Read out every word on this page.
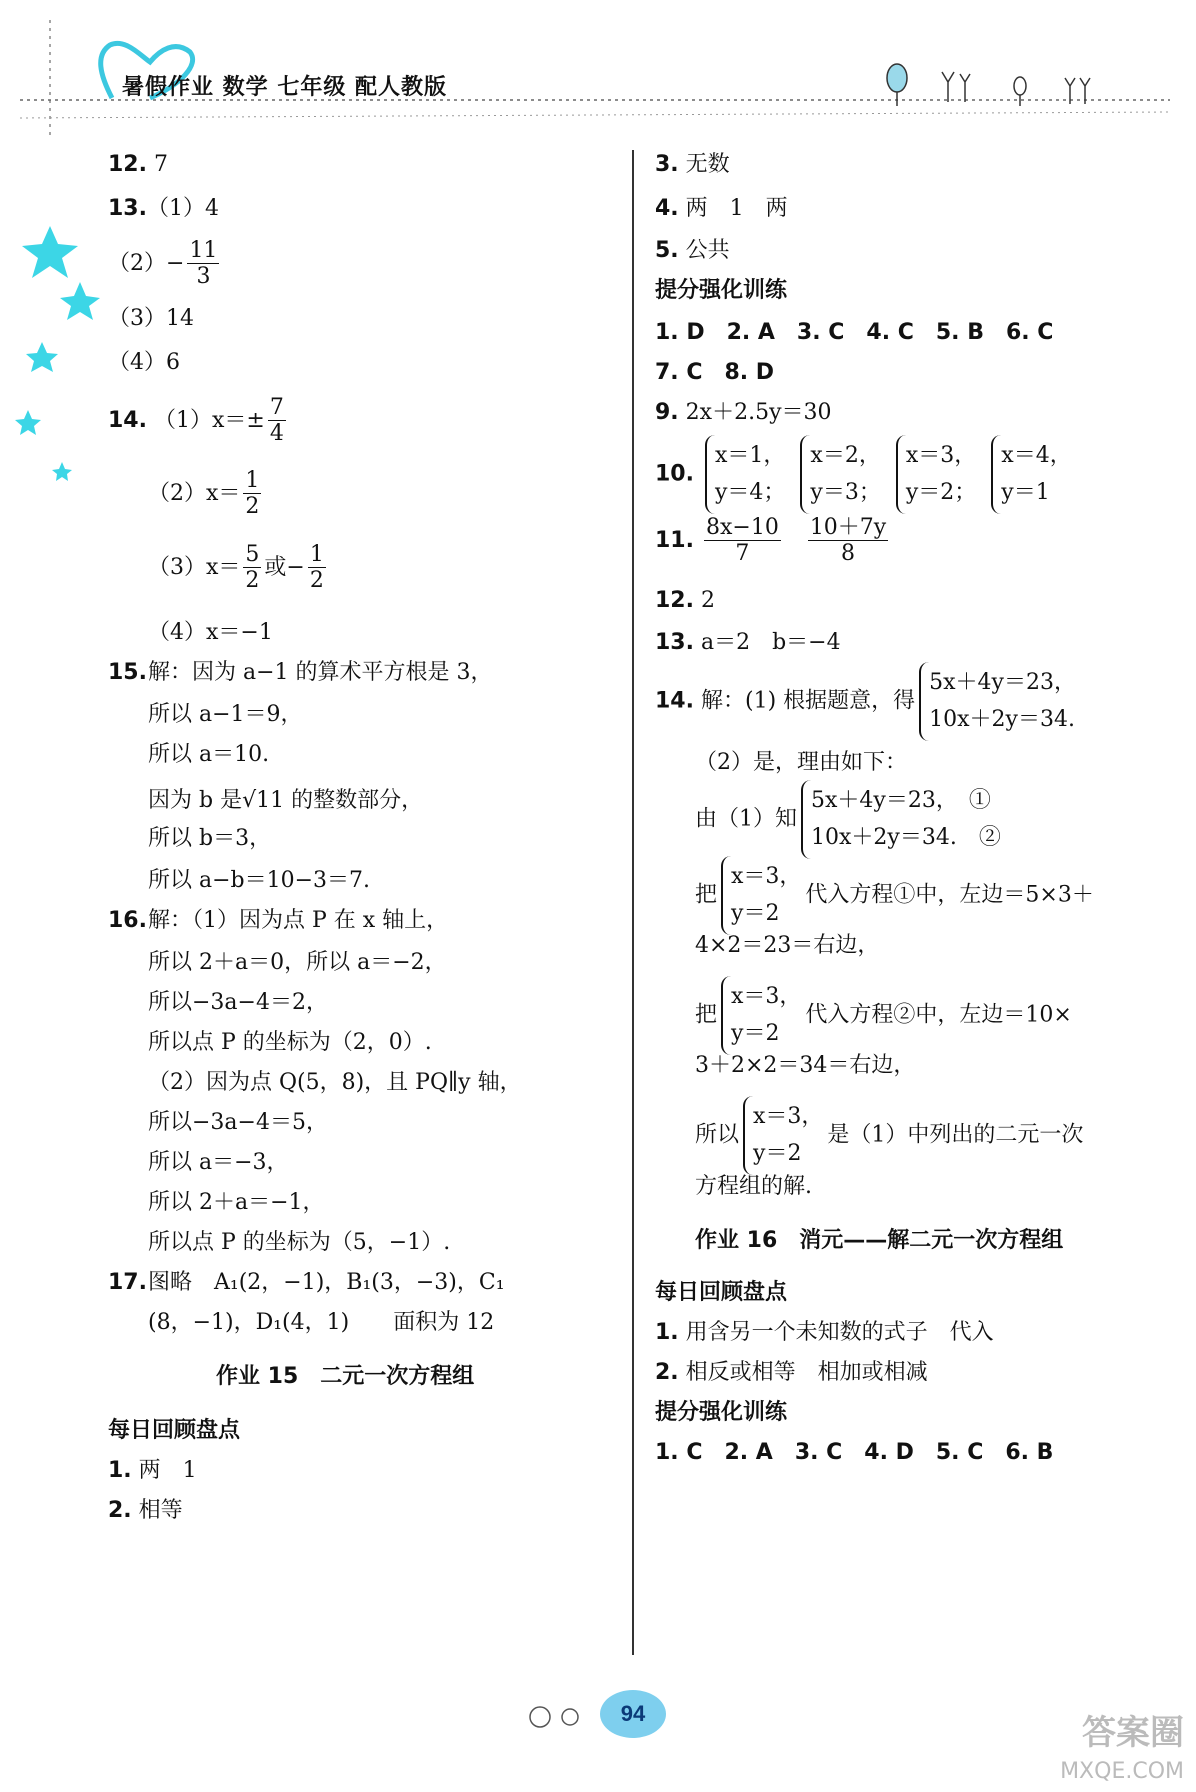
暑假作业 数学 七年级 配人教版
12. 7
13.（1）4
$(2)- \frac{11}{3}$
（3）14
（4）6
14. $(1)x=\pm \frac{7}{4}$
$(2)x= \frac{1}{2}$
$(3)x= \frac{5}{2}$ 或− $\frac{1}{2}$
（4）x＝−1
15. 解：因为 a−1 的算术平方根是 3，
所以 a−1＝9，
所以 a＝10.
因为 b 是√11 的整数部分，
所以 b＝3，
所以 a−b＝10−3＝7.
16. 解：（1）因为点 P 在 x 轴上，
所以 2＋a＝0，所以 a＝−2，
所以−3a−4＝2，
所以点 P 的坐标为（2，0）.
（2）因为点 Q(5，8)，且 PQ∥y 轴，
所以−3a−4＝5，
所以 a＝−3，
所以 2＋a＝−1，
所以点 P 的坐标为（5，−1）.
17. 图略　A₁(2，−1)，B₁(3，−3)，C₁
(8，−1)，D₁(4，1)　　面积为 12
作业 15　二元一次方程组
每日回顾盘点
1. 两　1
2. 相等
3. 无数
4. 两　1　两
5. 公共
提分强化训练
1. D　2. A　3. C　4. C　5. B　6. C
7. C　8. D
9. 2x＋2.5y＝30
10.
x＝1，
y＝4；

x＝2，
y＝3；

x＝3，
y＝2；

x＝4，
y＝1
11. $\frac{8x-10}{7}$
$\frac{10+7y}{8}$
12. 2
13. a＝2　b＝−4
14. 解：(1) 根据题意，得
5x＋4y＝23，
10x＋2y＝34.
（2）是，理由如下：
由（1）知
5x＋4y＝23，　①
10x＋2y＝34.　②
把
x＝3，
y＝2
代入方程①中，左边＝5×3＋
4×2＝23＝右边，
把
x＝3，
y＝2
代入方程②中，左边＝10×
3＋2×2＝34＝右边，
所以
x＝3，
y＝2
是（1）中列出的二元一次
方程组的解.
作业 16　消元——解二元一次方程组
每日回顾盘点
1. 用含另一个未知数的式子　代入
2. 相反或相等　相加或相减
提分强化训练
1. C　2. A　3. C　4. D　5. C　6. B
94	答案圈
MXQE.COM
